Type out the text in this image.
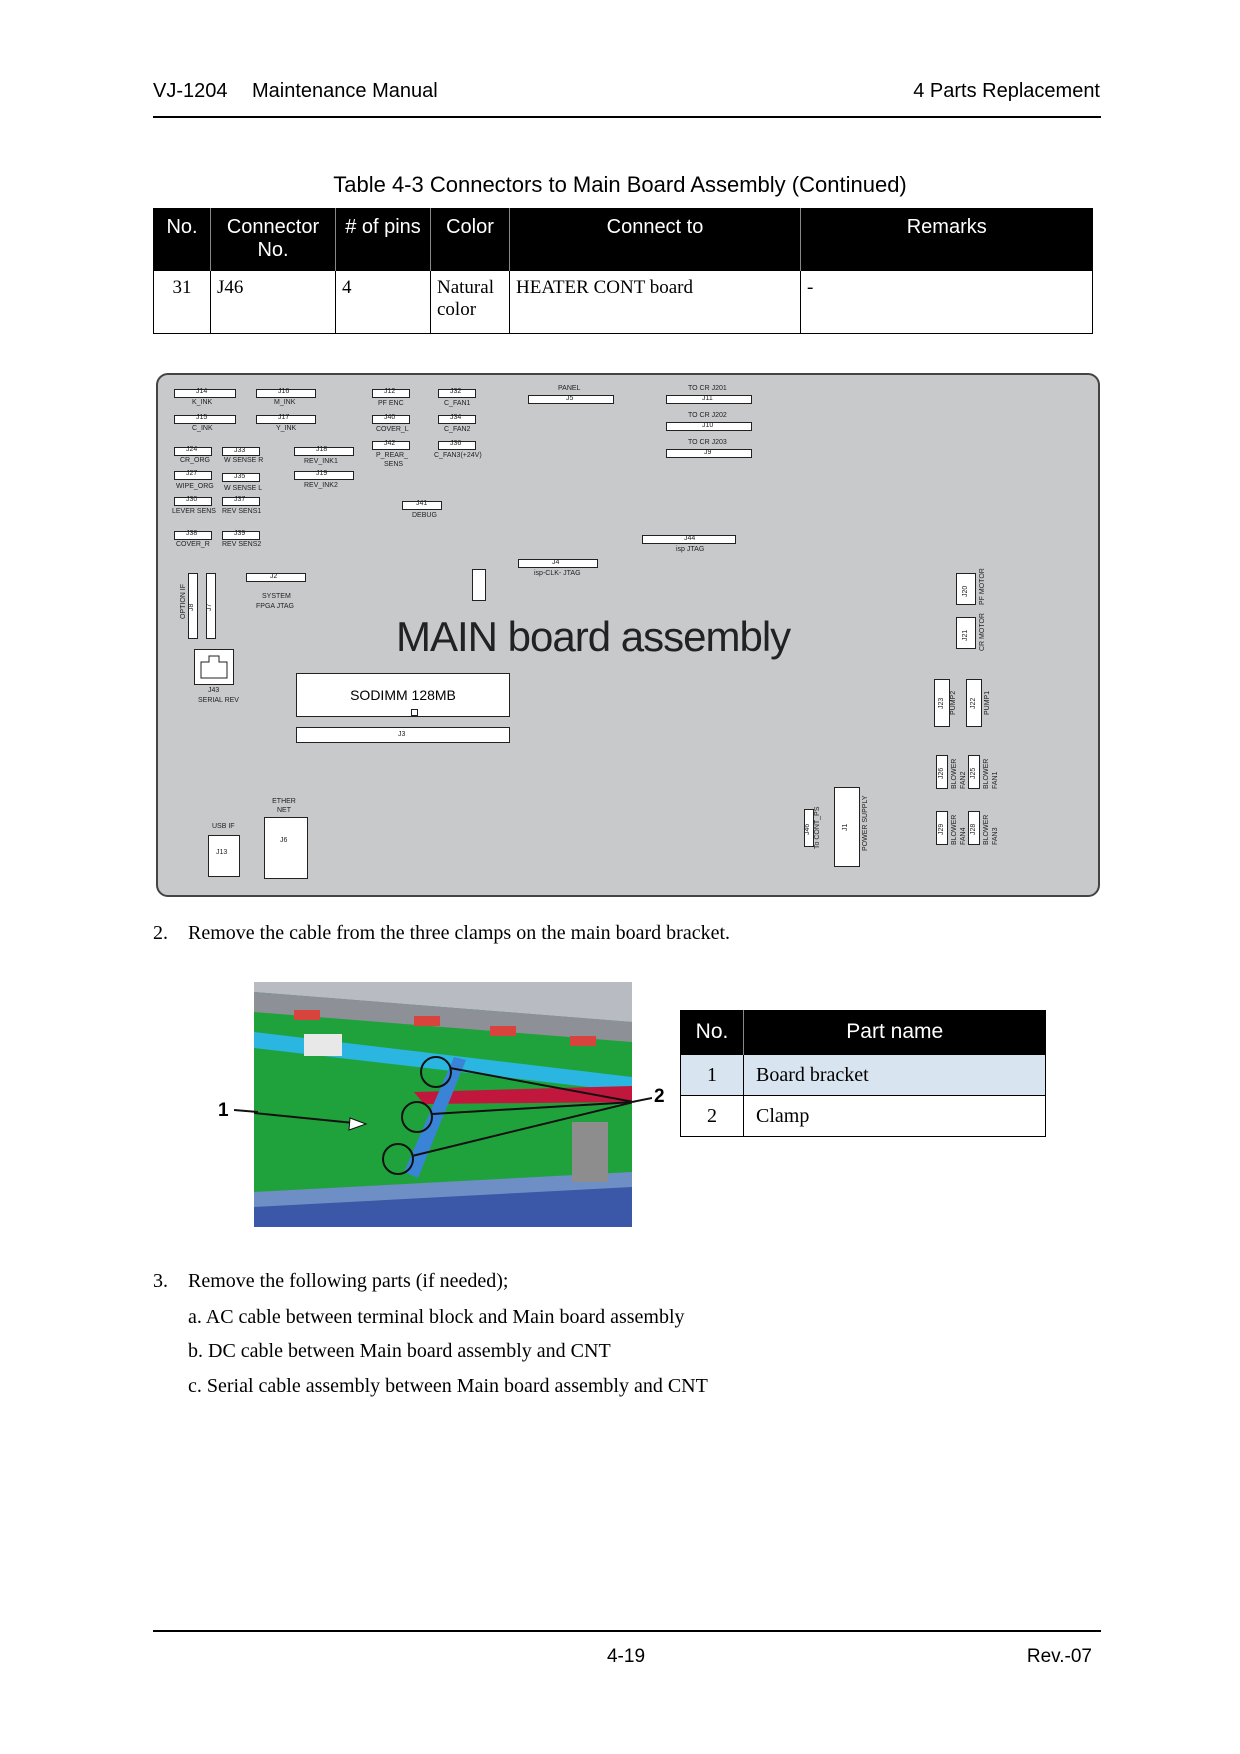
VJ-1204 Maintenance Manual	4 Parts Replacement
Table 4-3 Connectors to Main Board Assembly (Continued)
No.	Connector No.	# of pins	Color	Connect to	Remarks
31	J46	4	Natural color	HEATER CONT board	-
J14
K_INK
J16
M_INK
J15
C_INK
J17
Y_INK
J24
CR_ORG
J33
W SENSE R
J18
REV_INK1
J27
WIPE_ORG
J35
W SENSE L
J19
REV_INK2
J30
LEVER SENS
J37
REV SENS1
J38
COVER_R
J39
REV SENS2
J12
PF ENC
J32
C_FAN1
J40
COVER_L
J34
C_FAN2
J42
P_REAR_
SENS
J36
C_FAN3(+24V)
PANEL
J5
TO CR J201
J11
TO CR J202
J10
TO CR J203
J9
J41
DEBUG
J44
isp JTAG
J4
isp-CLK- JTAG
J2
SYSTEM
FPGA JTAG
OPTION IF J8 J7
J43
SERIAL REV
MAIN board assembly
SODIMM 128MB
J3
ETHER NET
J6
USB IF
J13
J46 To CONT_PS	J1 POWER SUPPLY
J20 PF MOTOR
J21 CR MOTOR
J23 PUMP2 J22 PUMP1
J26 BLOWER FAN2 J25 BLOWER FAN1
J29 BLOWER FAN4 J28 BLOWER FAN3
2. Remove the cable from the three clamps on the main board bracket.
1
2
No.	Part name
1	Board bracket
2	Clamp
3. Remove the following parts (if needed);
a. AC cable between terminal block and Main board assembly
b. DC cable between Main board assembly and CNT
c. Serial cable assembly between Main board assembly and CNT
4-19	Rev.-07
